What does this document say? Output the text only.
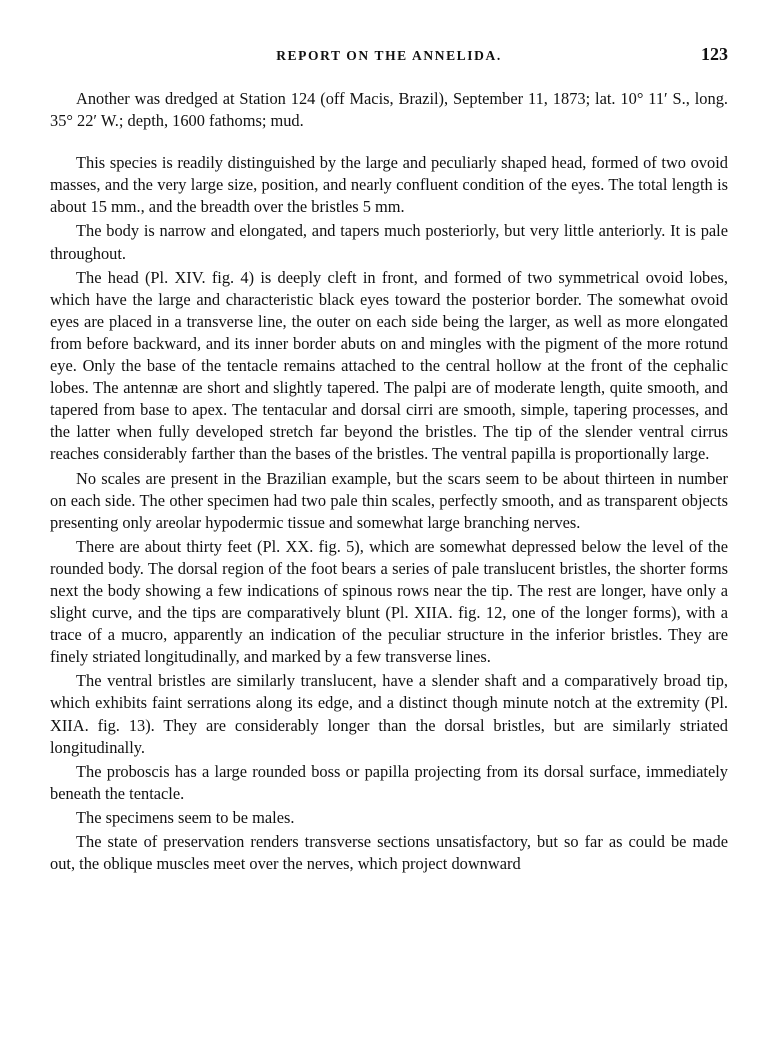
REPORT ON THE ANNELIDA.	123

Another was dredged at Station 124 (off Macis, Brazil), September 11, 1873; lat. 10° 11′ S., long. 35° 22′ W.; depth, 1600 fathoms; mud.

This species is readily distinguished by the large and peculiarly shaped head, formed of two ovoid masses, and the very large size, position, and nearly confluent condition of the eyes. The total length is about 15 mm., and the breadth over the bristles 5 mm.

The body is narrow and elongated, and tapers much posteriorly, but very little anteriorly. It is pale throughout.

The head (Pl. XIV. fig. 4) is deeply cleft in front, and formed of two symmetrical ovoid lobes, which have the large and characteristic black eyes toward the posterior border. The somewhat ovoid eyes are placed in a transverse line, the outer on each side being the larger, as well as more elongated from before backward, and its inner border abuts on and mingles with the pigment of the more rotund eye. Only the base of the tentacle remains attached to the central hollow at the front of the cephalic lobes. The antennæ are short and slightly tapered. The palpi are of moderate length, quite smooth, and tapered from base to apex. The tentacular and dorsal cirri are smooth, simple, tapering processes, and the latter when fully developed stretch far beyond the bristles. The tip of the slender ventral cirrus reaches considerably farther than the bases of the bristles. The ventral papilla is proportionally large.

No scales are present in the Brazilian example, but the scars seem to be about thirteen in number on each side. The other specimen had two pale thin scales, perfectly smooth, and as transparent objects presenting only areolar hypodermic tissue and somewhat large branching nerves.

There are about thirty feet (Pl. XX. fig. 5), which are somewhat depressed below the level of the rounded body. The dorsal region of the foot bears a series of pale translucent bristles, the shorter forms next the body showing a few indications of spinous rows near the tip. The rest are longer, have only a slight curve, and the tips are comparatively blunt (Pl. XIIA. fig. 12, one of the longer forms), with a trace of a mucro, apparently an indication of the peculiar structure in the inferior bristles. They are finely striated longitudinally, and marked by a few transverse lines.

The ventral bristles are similarly translucent, have a slender shaft and a comparatively broad tip, which exhibits faint serrations along its edge, and a distinct though minute notch at the extremity (Pl. XIIA. fig. 13). They are considerably longer than the dorsal bristles, but are similarly striated longitudinally.

The proboscis has a large rounded boss or papilla projecting from its dorsal surface, immediately beneath the tentacle.

The specimens seem to be males.

The state of preservation renders transverse sections unsatisfactory, but so far as could be made out, the oblique muscles meet over the nerves, which project downward
